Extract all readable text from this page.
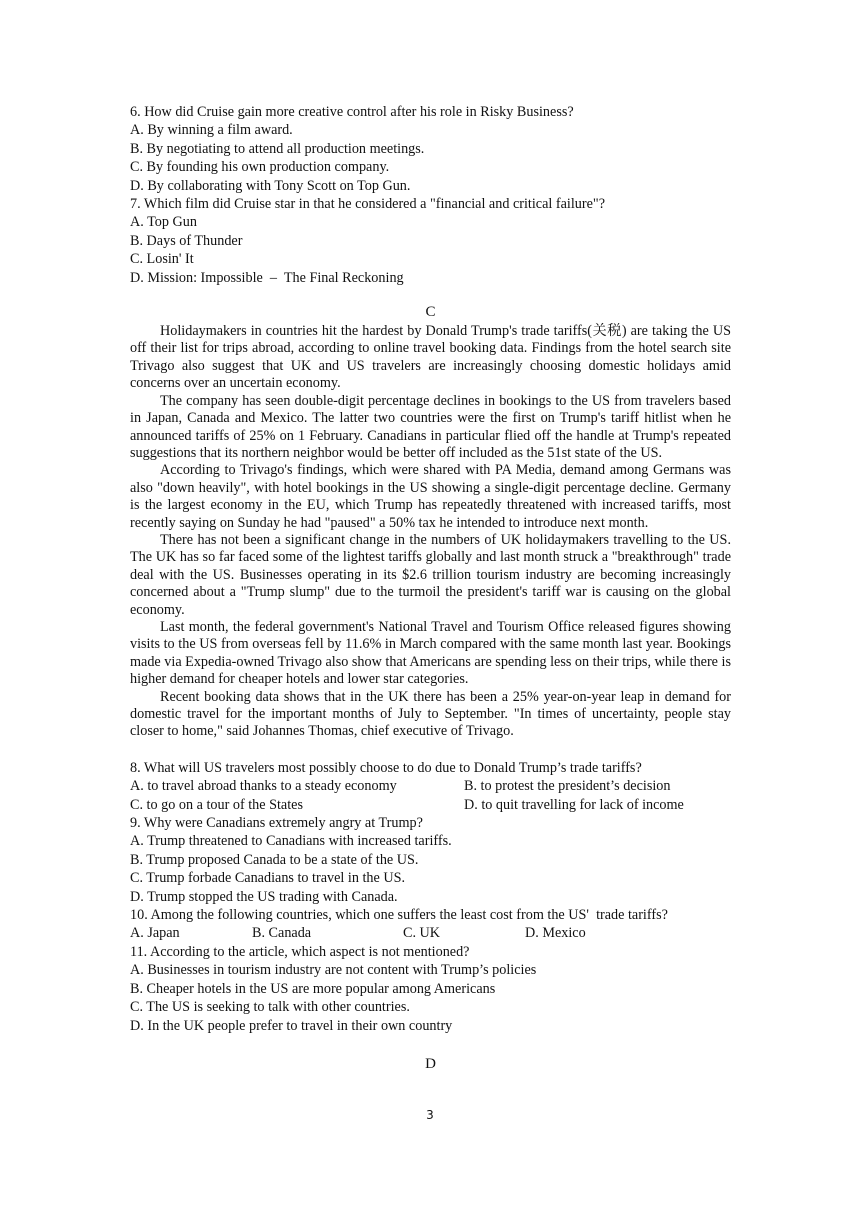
6. How did Cruise gain more creative control after his role in Risky Business?
A. By winning a film award.
B. By negotiating to attend all production meetings.
C. By founding his own production company.
D. By collaborating with Tony Scott on Top Gun.
7. Which film did Cruise star in that he considered a "financial and critical failure"?
A. Top Gun
B. Days of Thunder
C. Losin' It
D. Mission: Impossible  –  The Final Reckoning
C

Holidaymakers in countries hit the hardest by Donald Trump's trade tariffs(关税) are taking the US off their list for trips abroad, according to online travel booking data. Findings from the hotel search site Trivago also suggest that UK and US travelers are increasingly choosing domestic holidays amid concerns over an uncertain economy.

The company has seen double-digit percentage declines in bookings to the US from travelers based in Japan, Canada and Mexico. The latter two countries were the first on Trump's tariff hitlist when he announced tariffs of 25% on 1 February. Canadians in particular flied off the handle at Trump's repeated suggestions that its northern neighbor would be better off included as the 51st state of the US.

According to Trivago's findings, which were shared with PA Media, demand among Germans was also "down heavily", with hotel bookings in the US showing a single-digit percentage decline. Germany is the largest economy in the EU, which Trump has repeatedly threatened with increased tariffs, most recently saying on Sunday he had "paused" a 50% tax he intended to introduce next month.

There has not been a significant change in the numbers of UK holidaymakers travelling to the US. The UK has so far faced some of the lightest tariffs globally and last month struck a "breakthrough" trade deal with the US. Businesses operating in its $2.6 trillion tourism industry are becoming increasingly concerned about a "Trump slump" due to the turmoil the president's tariff war is causing on the global economy.

Last month, the federal government's National Travel and Tourism Office released figures showing visits to the US from overseas fell by 11.6% in March compared with the same month last year. Bookings made via Expedia-owned Trivago also show that Americans are spending less on their trips, while there is higher demand for cheaper hotels and lower star categories.

Recent booking data shows that in the UK there has been a 25% year-on-year leap in demand for domestic travel for the important months of July to September. "In times of uncertainty, people stay closer to home," said Johannes Thomas, chief executive of Trivago.

8. What will US travelers most possibly choose to do due to Donald Trump’s trade tariffs?
A. to travel abroad thanks to a steady economy	B. to protest the president’s decision
C. to go on a tour of the States	D. to quit travelling for lack of income
9. Why were Canadians extremely angry at Trump?
A. Trump threatened to Canadians with increased tariffs.
B. Trump proposed Canada to be a state of the US.
C. Trump forbade Canadians to travel in the US.
D. Trump stopped the US trading with Canada.
10. Among the following countries, which one suffers the least cost from the US'  trade tariffs?
A. Japan	B. Canada	C. UK	D. Mexico
11. According to the article, which aspect is not mentioned?
A. Businesses in tourism industry are not content with Trump’s policies
B. Cheaper hotels in the US are more popular among Americans
C. The US is seeking to talk with other countries.
D. In the UK people prefer to travel in their own country
D
3
